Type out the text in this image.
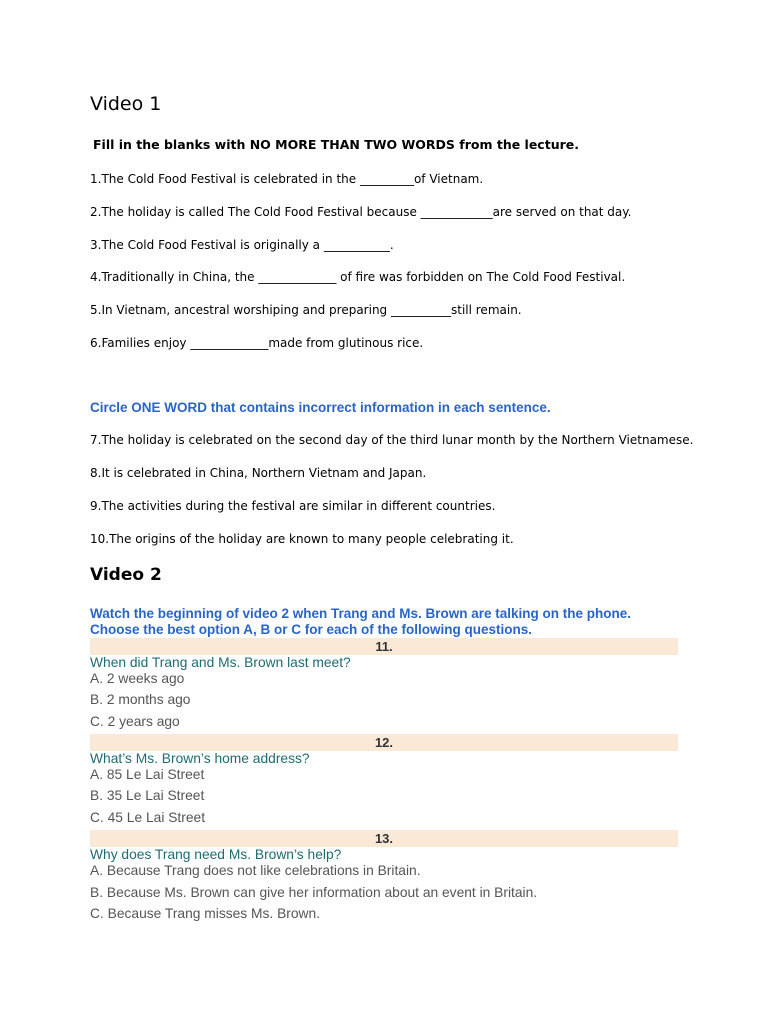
Video 1
Fill in the blanks with NO MORE THAN TWO WORDS from the lecture.
1.The Cold Food Festival is celebrated in the _________of Vietnam.
2.The holiday is called The Cold Food Festival because ____________are served on that day.
3.The Cold Food Festival is originally a ___________.
4.Traditionally in China, the _____________ of fire was forbidden on The Cold Food Festival.
5.In Vietnam, ancestral worshiping and preparing __________still remain.
6.Families enjoy _____________made from glutinous rice.
Circle ONE WORD that contains incorrect information in each sentence.
7.The holiday is celebrated on the second day of the third lunar month by the Northern Vietnamese.
8.It is celebrated in China, Northern Vietnam and Japan.
9.The activities during the festival are similar in different countries.
10.The origins of the holiday are known to many people celebrating it.
Video 2
Watch the beginning of video 2 when Trang and Ms. Brown are talking on the phone.
Choose the best option A, B or C for each of the following questions.
11.
When did Trang and Ms. Brown last meet?
A. 2 weeks ago
B. 2 months ago
C. 2 years ago
12.
What’s Ms. Brown’s home address?
A. 85 Le Lai Street
B. 35 Le Lai Street
C. 45 Le Lai Street
13.
Why does Trang need Ms. Brown’s help?
A. Because Trang does not like celebrations in Britain.
B. Because Ms. Brown can give her information about an event in Britain.
C. Because Trang misses Ms. Brown.
